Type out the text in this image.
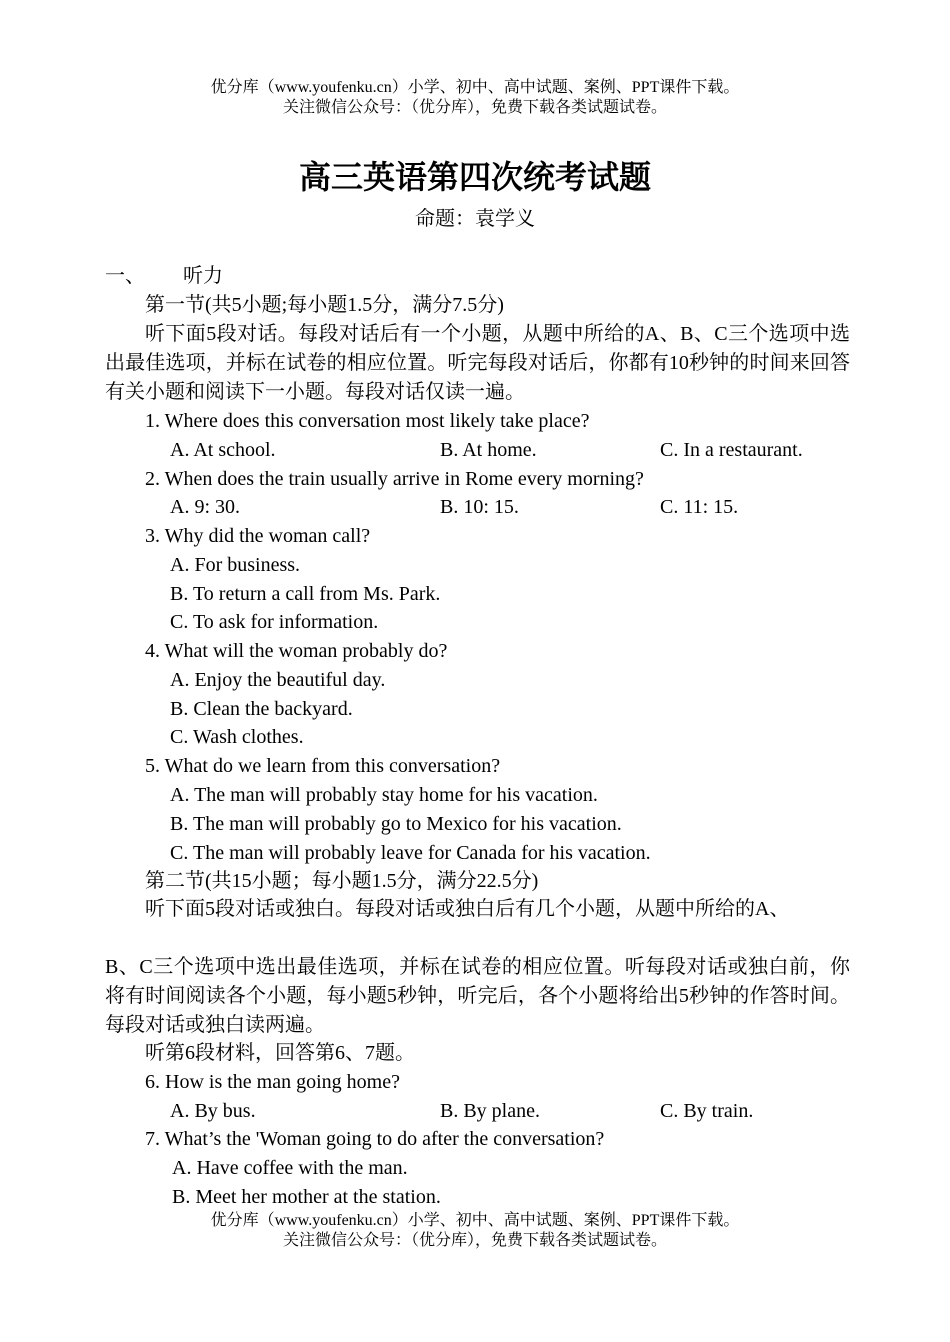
优分库（www.youfenku.cn）小学、初中、高中试题、案例、PPT课件下载。
关注微信公众号：（优分库），免费下载各类试题试卷。
高三英语第四次统考试题
命题：袁学义
一、 听力
第一节(共5小题;每小题1.5分，满分7.5分)
听下面5段对话。每段对话后有一个小题，从题中所给的A、B、C三个选项中选出最佳选项，并标在试卷的相应位置。听完每段对话后，你都有10秒钟的时间来回答有关小题和阅读下一小题。每段对话仅读一遍。
1. Where does this conversation most likely take place?
A. At school.	B. At home.	C. In a restaurant.
2. When does the train usually arrive in Rome every morning?
A. 9: 30.	B. 10: 15.	C. 11: 15.
3. Why did the woman call?
A. For business.
B. To return a call from Ms. Park.
C. To ask for information.
4. What will the woman probably do?
A. Enjoy the beautiful day.
B. Clean the backyard.
C. Wash clothes.
5. What do we learn from this conversation?
A. The man will probably stay home for his vacation.
B. The man will probably go to Mexico for his vacation.
C. The man will probably leave for Canada for his vacation.
第二节(共15小题；每小题1.5分，满分22.5分)
听下面5段对话或独白。每段对话或独白后有几个小题，从题中所给的A、
B、C三个选项中选出最佳选项，并标在试卷的相应位置。听每段对话或独白前，你将有时间阅读各个小题，每小题5秒钟，听完后，各个小题将给出5秒钟的作答时间。每段对话或独白读两遍。
听第6段材料，回答第6、7题。
6. How is the man going home?
A. By bus.	B. By plane.	C. By train.
7. What’s the 'Woman going to do after the conversation?
A. Have coffee with the man.
B. Meet her mother at the station.
优分库（www.youfenku.cn）小学、初中、高中试题、案例、PPT课件下载。
关注微信公众号：（优分库），免费下载各类试题试卷。
